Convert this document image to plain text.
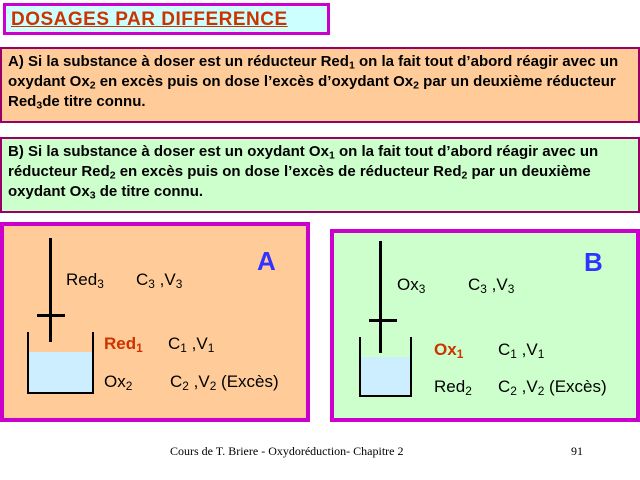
DOSAGES PAR DIFFERENCE
A) Si la substance à doser est un réducteur Red$_1$ on la fait tout d’abord réagir avec un oxydant $Ox_2$ en excès puis on dose l’excès d’oxydant $Ox_2$ par un deuxième réducteur Red$_3$de titre connu.
B) Si la substance à doser est un oxydant $Ox_1$ on la fait tout d’abord réagir avec un réducteur Red$_2$ en excès puis on dose l’excès de réducteur Red$_2$ par un deuxième oxydant $Ox_3$ de titre connu.
A
Red$_3$ $C_3$ $,V_3$
Red$_1$ $C_1$ $,V_1$
$Ox_2$ $C_2$ $,V_2$ (Excès)
B
$Ox_3$	$C_3$ $,V_3$
$Ox_1$ $C_1$ $,V_1$
Red$_2$ $C_2$ $,V_2$ (Excès)
Cours de T. Briere - Oxydoréduction- Chapitre 2	91
